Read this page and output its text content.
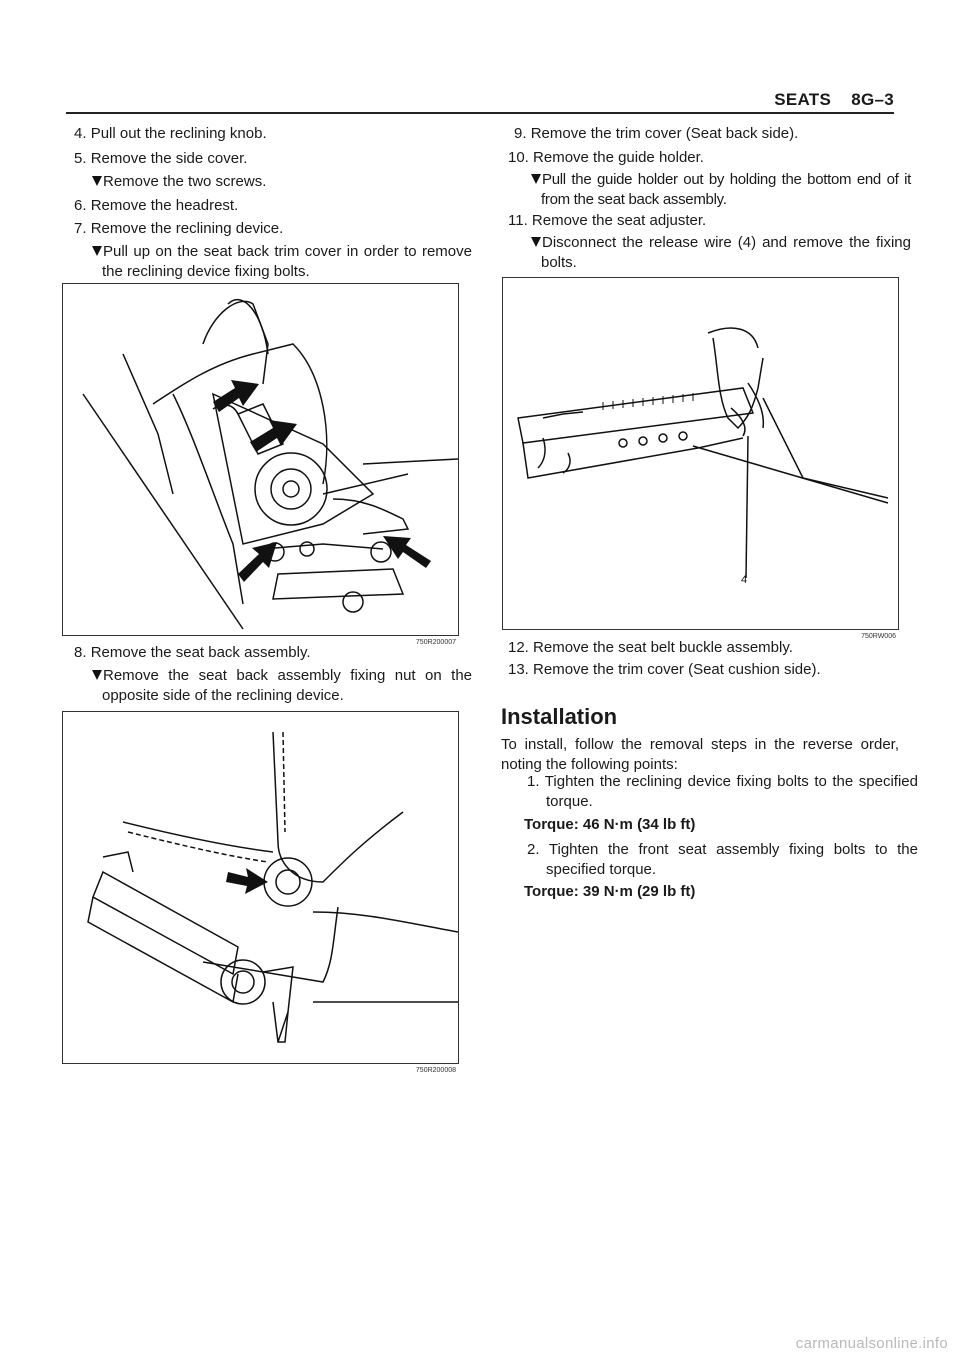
SEATS    8G–3
4. Pull out the reclining knob.
5. Remove the side cover.
Remove the two screws.
6. Remove the headrest.
7. Remove the reclining device.
Pull up on the seat back trim cover in order to remove the reclining device fixing bolts.
750R200007
8. Remove the seat back assembly.
Remove the seat back assembly fixing nut on the opposite side of the reclining device.
750R200008
9. Remove the trim cover (Seat back side).
10. Remove the guide holder.
Pull the guide holder out by holding the bottom end of it from the seat back assembly.
11. Remove the seat adjuster.
Disconnect the release wire (4) and remove the fixing bolts.
4
750RW006
12. Remove the seat belt buckle assembly.
13. Remove the trim cover (Seat cushion side).
Installation
To install, follow the removal steps in the reverse order, noting the following points:
1. Tighten the reclining device fixing bolts to the specified torque.
Torque: 46 N·m (34 lb ft)
2. Tighten the front seat assembly fixing bolts to the specified torque.
Torque: 39 N·m (29 lb ft)
carmanualsonline.info
